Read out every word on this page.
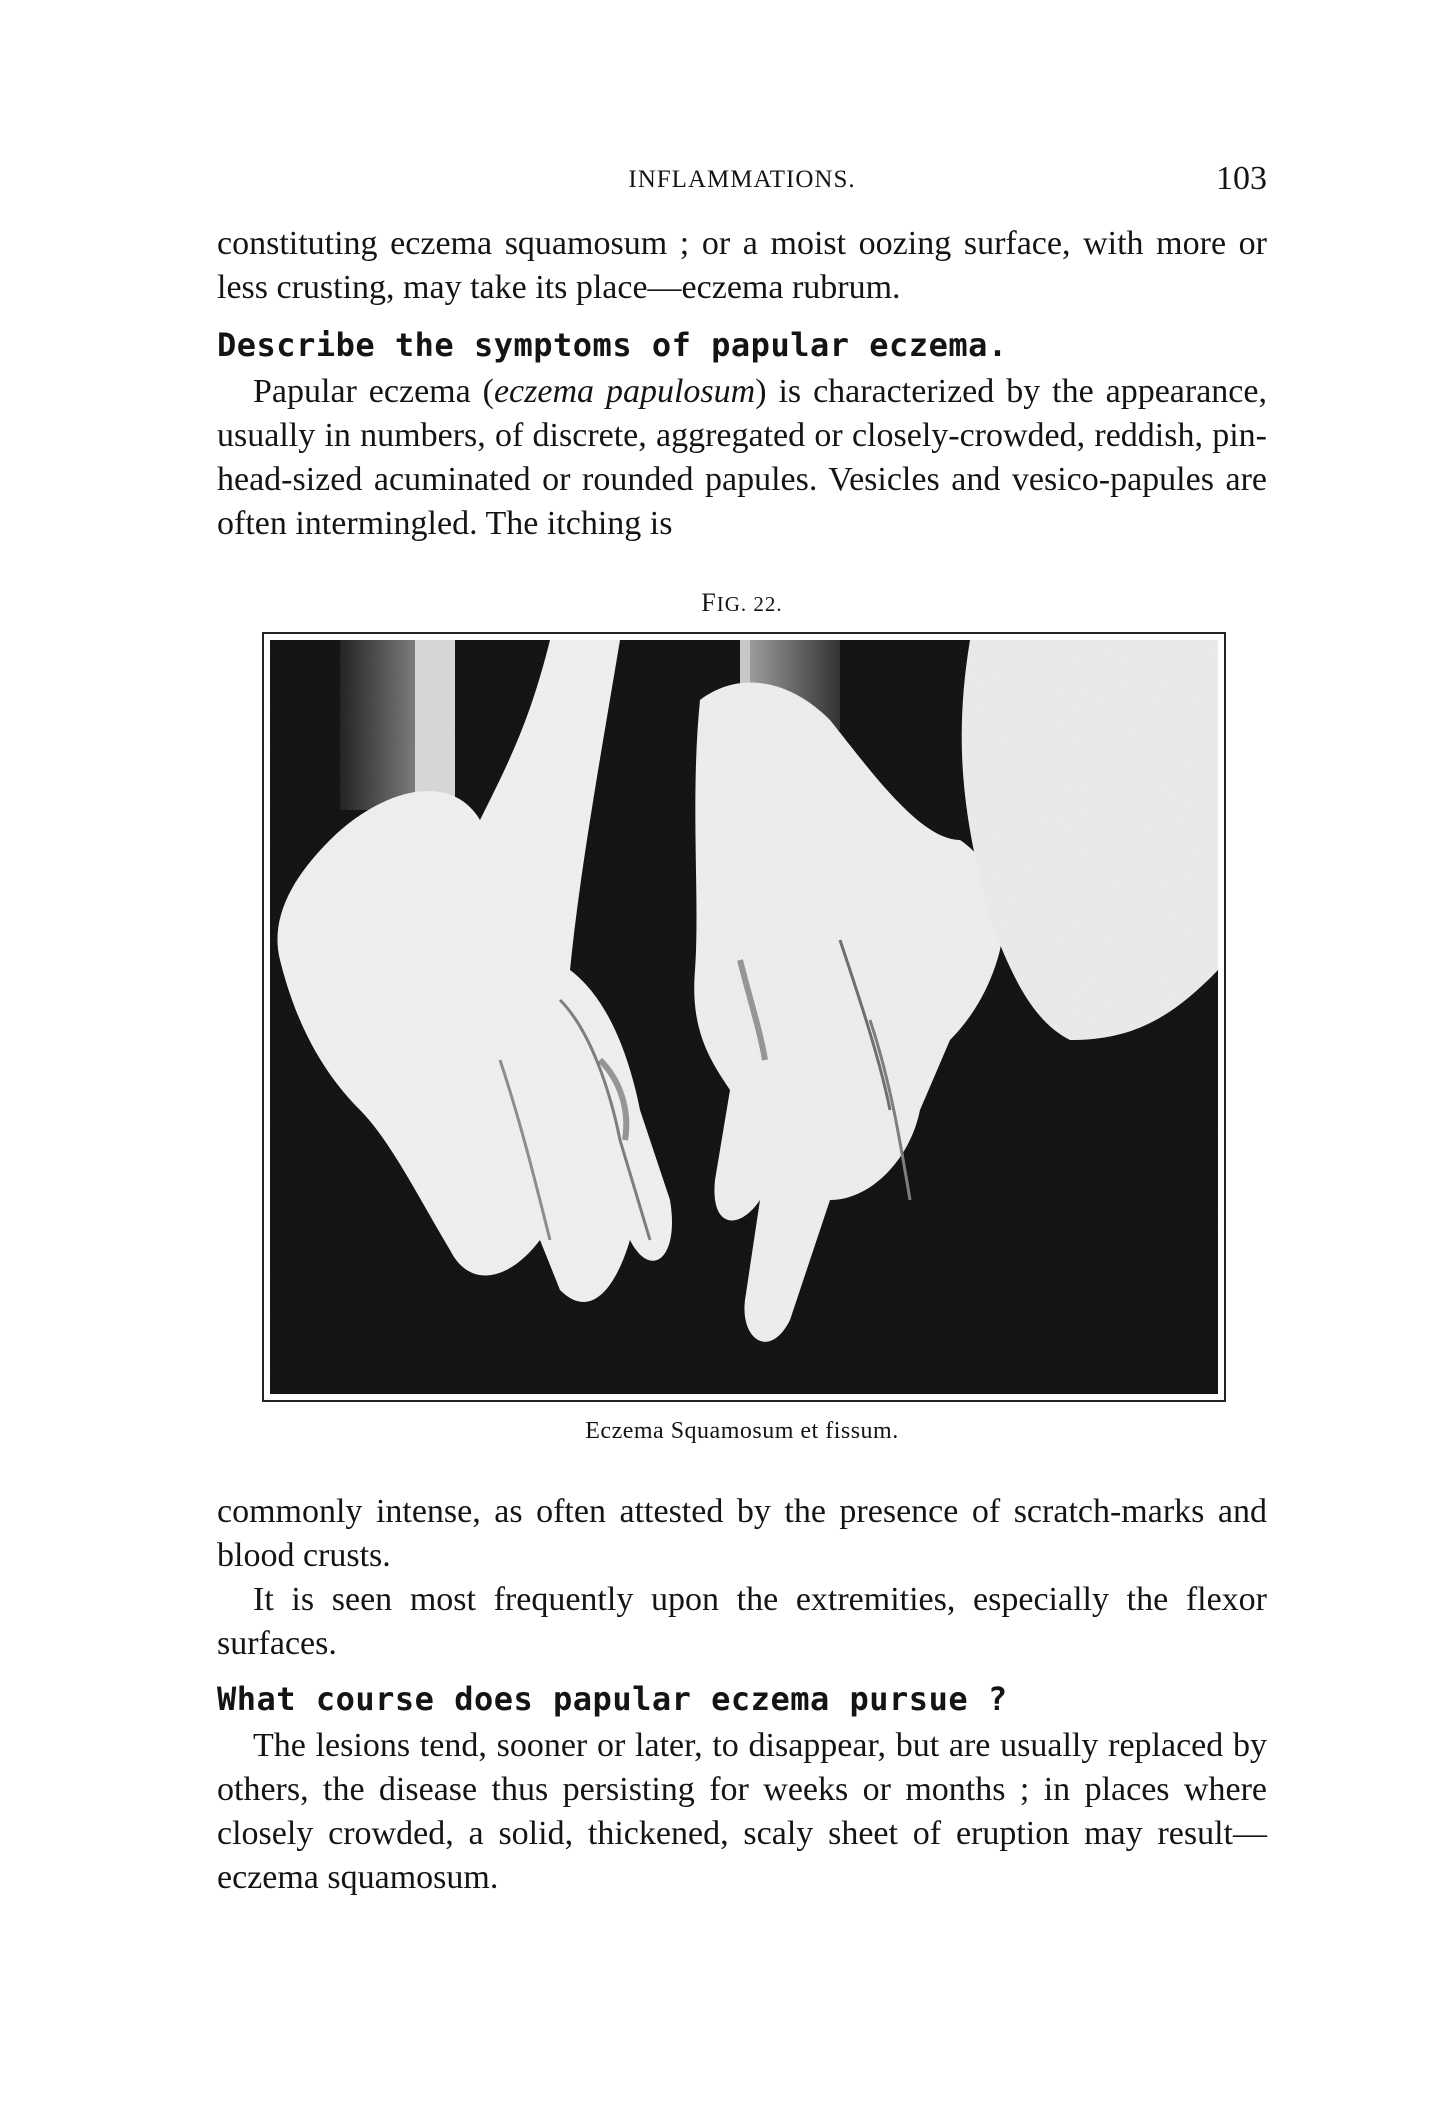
INFLAMMATIONS.	103

constituting eczema squamosum ; or a moist oozing surface, with more or less crusting, may take its place—eczema rubrum.

Describe the symptoms of papular eczema.

Papular eczema (eczema papulosum) is characterized by the appearance, usually in numbers, of discrete, aggregated or closely-crowded, reddish, pin-head-sized acuminated or rounded papules. Vesicles and vesico-papules are often intermingled. The itching is

FIG. 22.
Eczema Squamosum et fissum.

commonly intense, as often attested by the presence of scratch-marks and blood crusts.

It is seen most frequently upon the extremities, especially the flexor surfaces.

What course does papular eczema pursue ?

The lesions tend, sooner or later, to disappear, but are usually replaced by others, the disease thus persisting for weeks or months ; in places where closely crowded, a solid, thickened, scaly sheet of eruption may result—eczema squamosum.
